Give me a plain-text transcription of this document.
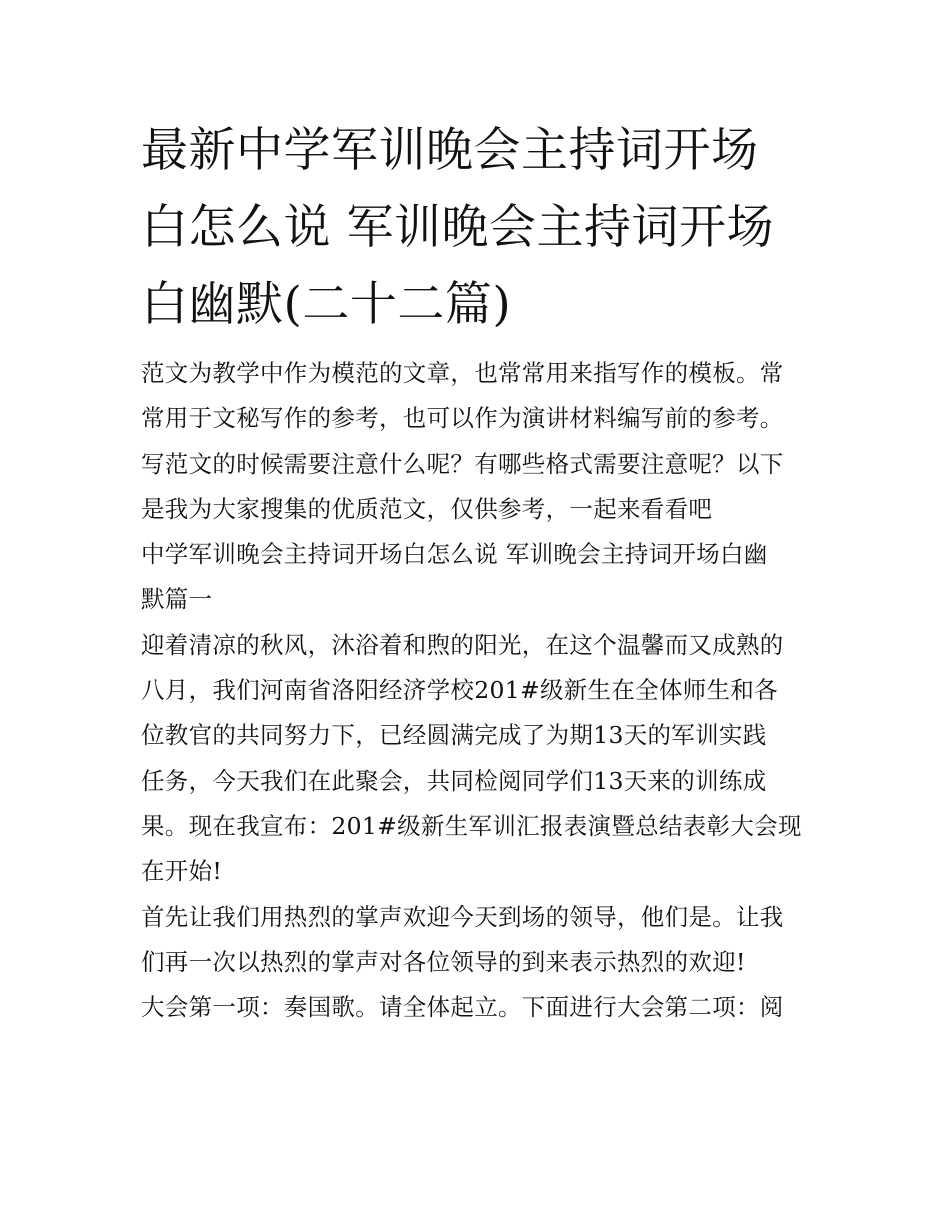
最新中学军训晚会主持词开场
白怎么说 军训晚会主持词开场
白幽默(二十二篇)

范文为教学中作为模范的文章，也常常用来指写作的模板。常
常用于文秘写作的参考，也可以作为演讲材料编写前的参考。
写范文的时候需要注意什么呢？有哪些格式需要注意呢？以下
是我为大家搜集的优质范文，仅供参考，一起来看看吧

中学军训晚会主持词开场白怎么说 军训晚会主持词开场白幽
默篇一

迎着清凉的秋风，沐浴着和煦的阳光，在这个温馨而又成熟的
八月，我们河南省洛阳经济学校201#级新生在全体师生和各
位教官的共同努力下，已经圆满完成了为期13天的军训实践
任务，今天我们在此聚会，共同检阅同学们13天来的训练成
果。现在我宣布：201#级新生军训汇报表演暨总结表彰大会现
在开始!

首先让我们用热烈的掌声欢迎今天到场的领导，他们是。让我
们再一次以热烈的掌声对各位领导的到来表示热烈的欢迎!

大会第一项：奏国歌。请全体起立。下面进行大会第二项：阅
